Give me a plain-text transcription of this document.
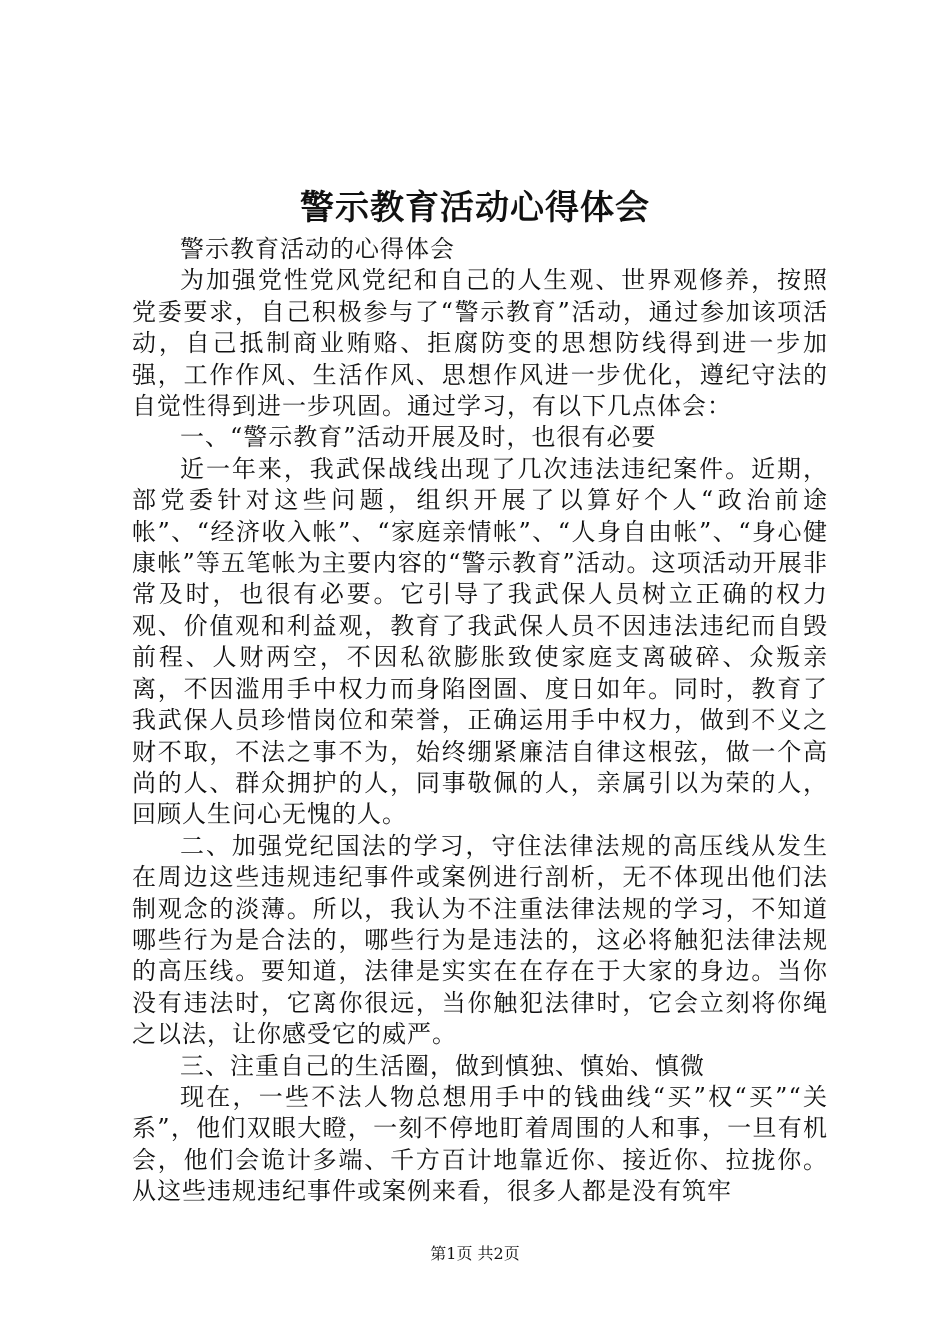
警示教育活动心得体会

警示教育活动的心得体会

为加强党性党风党纪和自己的人生观、世界观修养，按照党委要求，自己积极参与了“警示教育”活动，通过参加该项活动，自己抵制商业贿赂、拒腐防变的思想防线得到进一步加强，工作作风、生活作风、思想作风进一步优化，遵纪守法的自觉性得到进一步巩固。通过学习，有以下几点体会：

一、“警示教育”活动开展及时，也很有必要

近一年来，我武保战线出现了几次违法违纪案件。近期，部党委针对这些问题，组织开展了以算好个人“政治前途帐”、“经济收入帐”、“家庭亲情帐”、“人身自由帐”、“身心健康帐”等五笔帐为主要内容的“警示教育”活动。这项活动开展非常及时，也很有必要。它引导了我武保人员树立正确的权力观、价值观和利益观，教育了我武保人员不因违法违纪而自毁前程、人财两空，不因私欲膨胀致使家庭支离破碎、众叛亲离，不因滥用手中权力而身陷囹圄、度日如年。同时，教育了我武保人员珍惜岗位和荣誉，正确运用手中权力，做到不义之财不取，不法之事不为，始终绷紧廉洁自律这根弦，做一个高尚的人、群众拥护的人，同事敬佩的人，亲属引以为荣的人，回顾人生问心无愧的人。

二、加强党纪国法的学习，守住法律法规的高压线从发生在周边这些违规违纪事件或案例进行剖析，无不体现出他们法制观念的淡薄。所以，我认为不注重法律法规的学习，不知道哪些行为是合法的，哪些行为是违法的，这必将触犯法律法规的高压线。要知道，法律是实实在在存在于大家的身边。当你没有违法时，它离你很远，当你触犯法律时，它会立刻将你绳之以法，让你感受它的威严。

三、注重自己的生活圈，做到慎独、慎始、慎微

现在，一些不法人物总想用手中的钱曲线“买”权“买”“关系”，他们双眼大瞪，一刻不停地盯着周围的人和事，一旦有机会，他们会诡计多端、千方百计地靠近你、接近你、拉拢你。从这些违规违纪事件或案例来看，很多人都是没有筑牢

第1页 共2页
